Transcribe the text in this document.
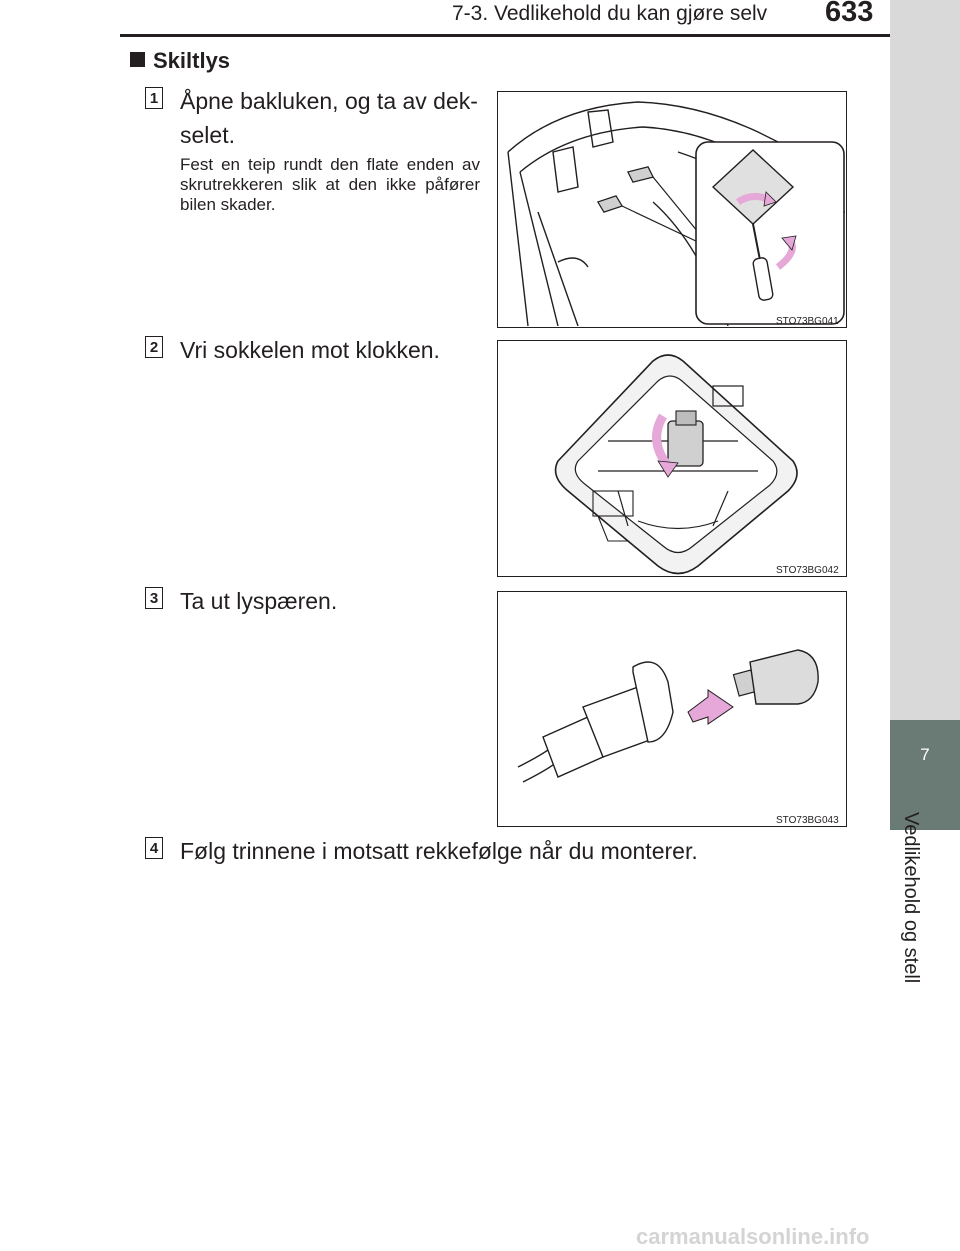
7-3. Vedlikehold du kan gjøre selv 633
7
Vedlikehold og stell
Skiltlys
1 Åpne bakluken, og ta av dek-
selet.
Fest en teip rundt den flate enden av skrutrekkeren slik at den ikke påfører bilen skader.
STO73BG041
2 Vri sokkelen mot klokken.
STO73BG042
3 Ta ut lyspæren.
STO73BG043
4 Følg trinnene i motsatt rekkefølge når du monterer.
carmanualsonline.info
